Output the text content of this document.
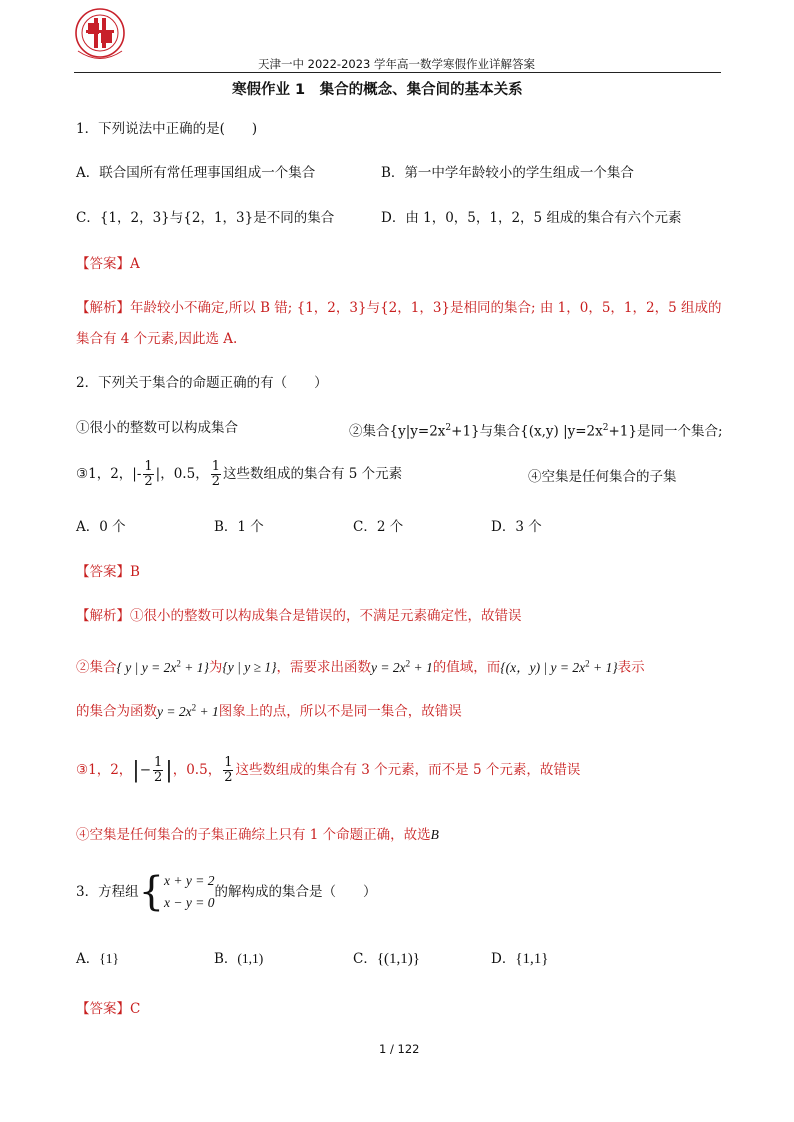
天津一中 2022-2023 学年高一数学寒假作业详解答案
寒假作业 1　集合的概念、集合间的基本关系
1．下列说法中正确的是(　　)
A．联合国所有常任理事国组成一个集合	B．第一中学年龄较小的学生组成一个集合
C．{1，2，3}与{2，1，3}是不同的集合	D．由 1，0，5，1，2，5 组成的集合有六个元素
【答案】A
【解析】年龄较小不确定,所以 B 错; {1，2，3}与{2，1，3}是相同的集合; 由 1，0，5，1，2，5 组成的
集合有 4 个元素,因此选 A.
2．下列关于集合的命题正确的有（　　）
①很小的整数可以构成集合	②集合$\{y|y=2x^2+1\}$与集合{(x,y) $|y=2x^2+1$}是同一个集合;
③1，2，|- $\frac{1}{2}$ |，0.5， $\frac{1}{2}$ 这些数组成的集合有 5 个元素	④空集是任何集合的子集
A．0 个	B．1 个	C．2 个	D．3 个
【答案】B
【解析】①很小的整数可以构成集合是错误的，不满足元素确定性，故错误
②集合{ y | $y = 2x^2 + 1$}为{y | y ≥ 1}，需要求出函数$y = 2x^2 + 1$的值域，而{(x，y) | $y = 2x^2 + 1$}表示
的集合为函数$y = 2x^2 + 1$图象上的点，所以不是同一集合，故错误
③1，2，|− $\frac{1}{2}$ |，0.5， $\frac{1}{2}$ 这些数组成的集合有 3 个元素，而不是 5 个元素，故错误
④空集是任何集合的子集正确综上只有 1 个命题正确，故选B
3．方程组{ x + y = 2
x − y = 0
的解构成的集合是（　　）
A．{1}	B．(1,1)	C．{(1,1)}	D．{1,1}
【答案】C
1 / 122
